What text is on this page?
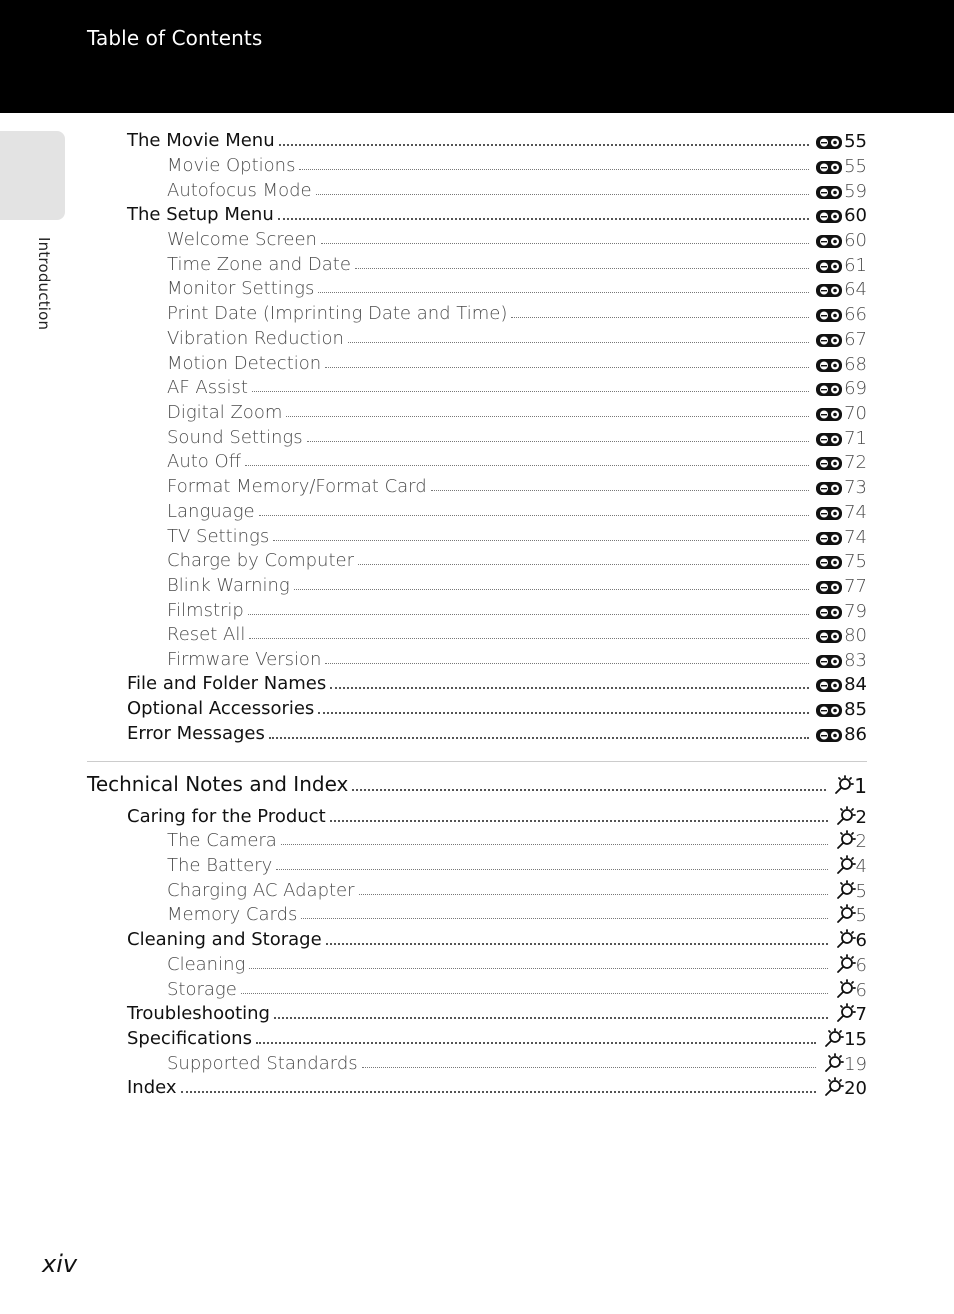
Table of Contents
Introduction
The Movie Menu	55
Movie Options	55
Autofocus Mode	59
The Setup Menu	60
Welcome Screen	60
Time Zone and Date	61
Monitor Settings	64
Print Date (Imprinting Date and Time)	66
Vibration Reduction	67
Motion Detection	68
AF Assist	69
Digital Zoom	70
Sound Settings	71
Auto Off	72
Format Memory/Format Card	73
Language	74
TV Settings	74
Charge by Computer	75
Blink Warning	77
Filmstrip	79
Reset All	80
Firmware Version	83
File and Folder Names	84
Optional Accessories	85
Error Messages	86
Technical Notes and Index	1
Caring for the Product	2
The Camera	2
The Battery	4
Charging AC Adapter	5
Memory Cards	5
Cleaning and Storage	6
Cleaning	6
Storage	6
Troubleshooting	7
Specifications	15
Supported Standards	19
Index	20
xiv
